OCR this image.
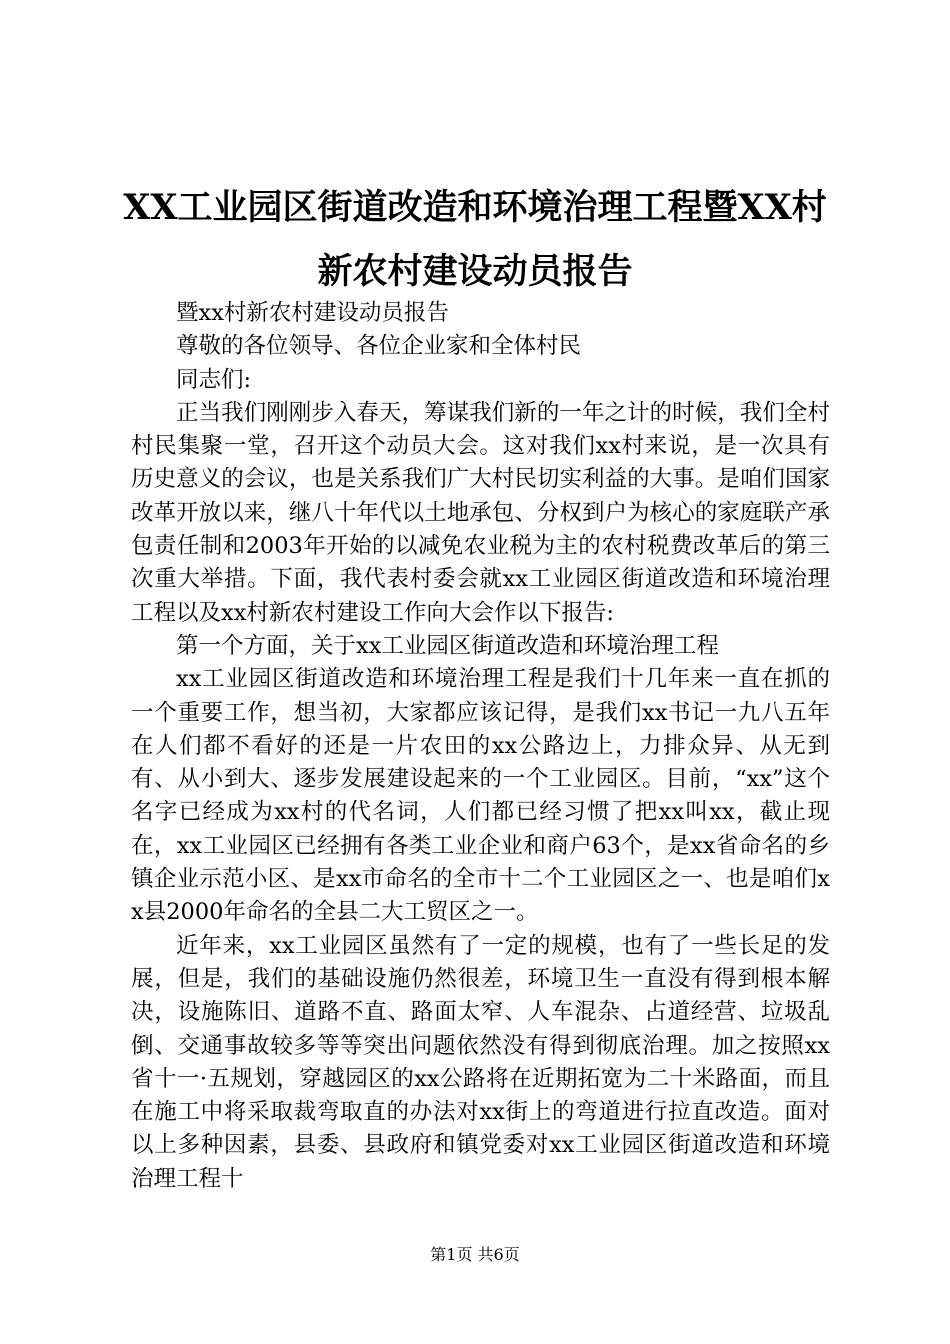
XX工业园区街道改造和环境治理工程暨XX村新农村建设动员报告

暨xx村新农村建设动员报告

尊敬的各位领导、各位企业家和全体村民

同志们:

正当我们刚刚步入春天，筹谋我们新的一年之计的时候，我们全村村民集聚一堂，召开这个动员大会。这对我们xx村来说，是一次具有历史意义的会议，也是关系我们广大村民切实利益的大事。是咱们国家改革开放以来，继八十年代以土地承包、分权到户为核心的家庭联产承包责任制和2003年开始的以减免农业税为主的农村税费改革后的第三次重大举措。下面，我代表村委会就xx工业园区街道改造和环境治理工程以及xx村新农村建设工作向大会作以下报告:

第一个方面，关于xx工业园区街道改造和环境治理工程

xx工业园区街道改造和环境治理工程是我们十几年来一直在抓的一个重要工作，想当初，大家都应该记得，是我们xx书记一九八五年在人们都不看好的还是一片农田的xx公路边上，力排众异、从无到有、从小到大、逐步发展建设起来的一个工业园区。目前，“xx”这个名字已经成为xx村的代名词，人们都已经习惯了把xx叫xx，截止现在，xx工业园区已经拥有各类工业企业和商户63个，是xx省命名的乡镇企业示范小区、是xx市命名的全市十二个工业园区之一、也是咱们xx县2000年命名的全县二大工贸区之一。

近年来，xx工业园区虽然有了一定的规模，也有了一些长足的发展，但是，我们的基础设施仍然很差，环境卫生一直没有得到根本解决，设施陈旧、道路不直、路面太窄、人车混杂、占道经营、垃圾乱倒、交通事故较多等等突出问题依然没有得到彻底治理。加之按照xx省十一·五规划，穿越园区的xx公路将在近期拓宽为二十米路面，而且在施工中将采取裁弯取直的办法对xx街上的弯道进行拉直改造。面对以上多种因素，县委、县政府和镇党委对xx工业园区街道改造和环境治理工程十

第1页 共6页
